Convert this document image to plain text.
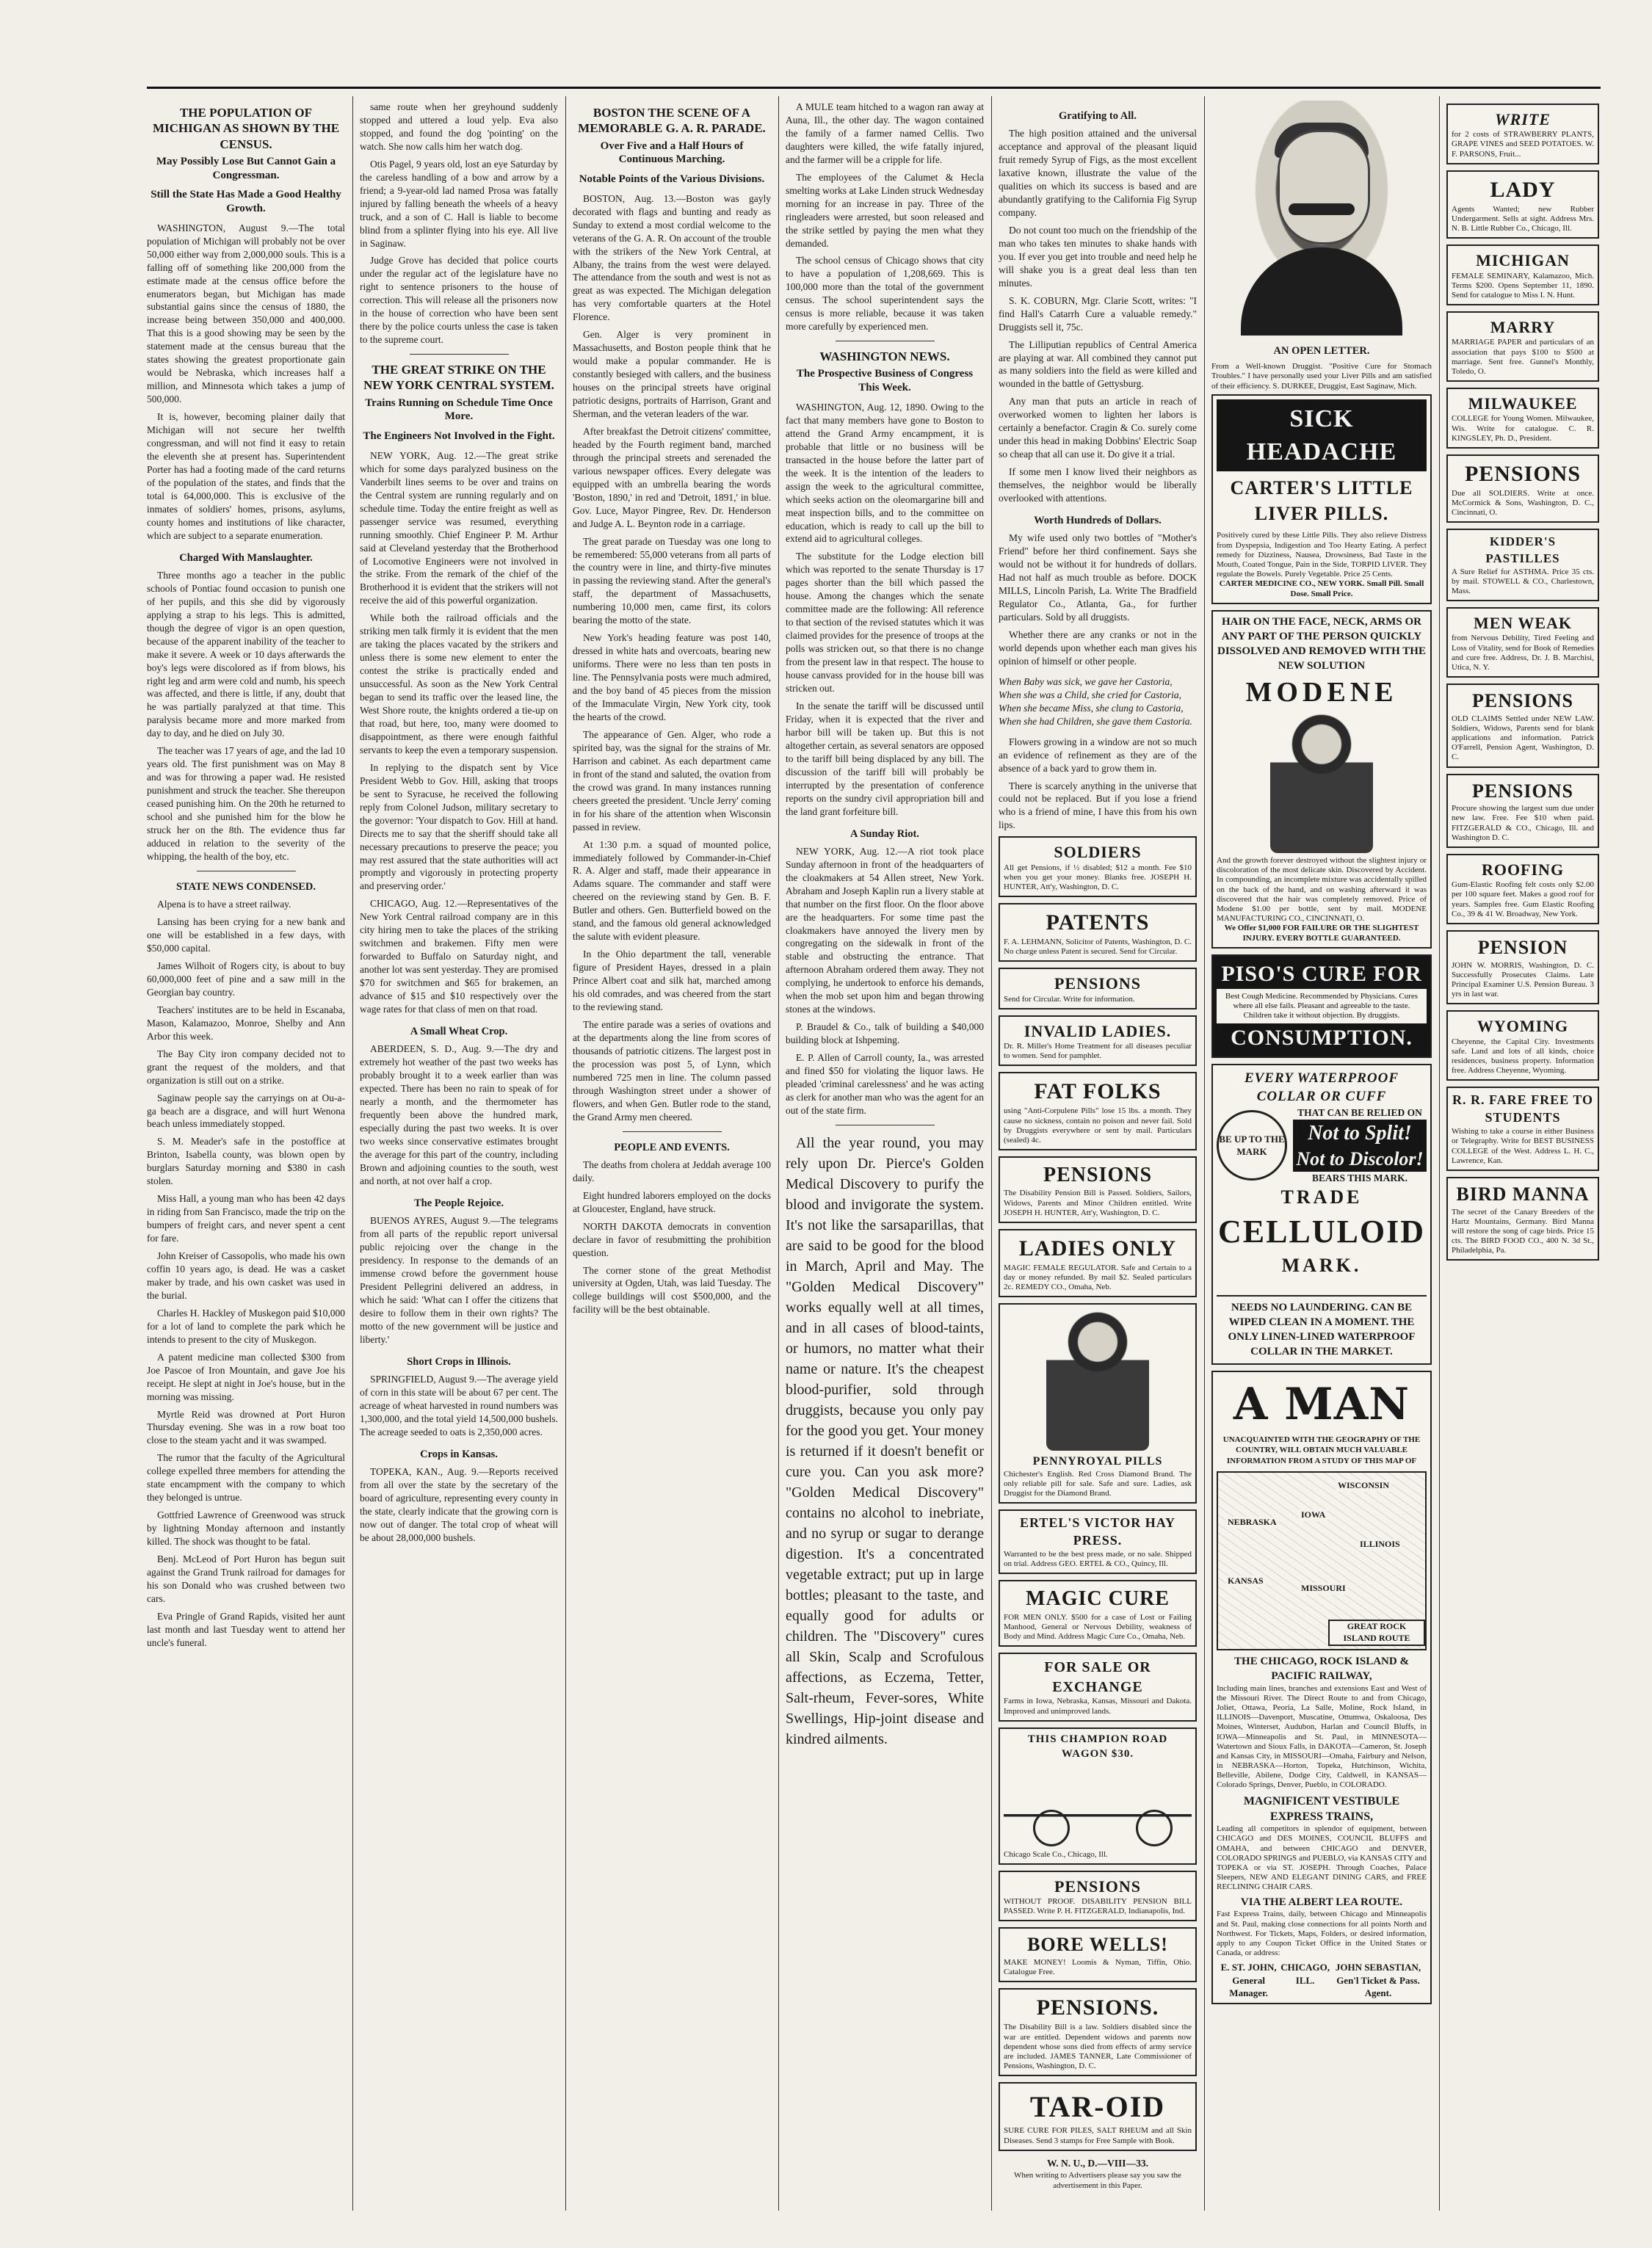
THE POPULATION OF MICHIGAN AS SHOWN BY THE CENSUS.
May Possibly Lose But Cannot Gain a Congressman.
Still the State Has Made a Good Healthy Growth.

WASHINGTON, August 9.—The total population of Michigan will probably not be over 50,000 either way from 2,000,000 souls. This is a falling off of something like 200,000 from the estimate made at the census office before the enumerators began, but Michigan has made substantial gains since the census of 1880, the increase being between 350,000 and 400,000. That this is a good showing may be seen by the statement made at the census bureau that the states showing the greatest proportionate gain would be Nebraska, which increases half a million, and Minnesota which takes a jump of 500,000.

It is, however, becoming plainer daily that Michigan will not secure her twelfth congressman, and will not find it easy to retain the eleventh she at present has. Superintendent Porter has had a footing made of the card returns of the population of the states, and finds that the total is 64,000,000. This is exclusive of the inmates of soldiers' homes, prisons, asylums, county homes and institutions of like character, which are subject to a separate enumeration.

Charged With Manslaughter.

Three months ago a teacher in the public schools of Pontiac found occasion to punish one of her pupils, and this she did by vigorously applying a strap to his legs. This is admitted, though the degree of vigor is an open question, because of the apparent inability of the teacher to make it severe. A week or 10 days afterwards the boy's legs were discolored as if from blows, his right leg and arm were cold and numb, his speech was affected, and there is little, if any, doubt that he was partially paralyzed at that time. This paralysis became more and more marked from day to day, and he died on July 30.

The teacher was 17 years of age, and the lad 10 years old. The first punishment was on May 8 and was for throwing a paper wad. He resisted punishment and struck the teacher. She thereupon ceased punishing him. On the 20th he returned to school and she punished him for the blow he struck her on the 8th. The evidence thus far adduced in relation to the severity of the whipping, the health of the boy, etc.

STATE NEWS CONDENSED.

Alpena is to have a street railway.

Lansing has been crying for a new bank and one will be established in a few days, with $50,000 capital.

James Wilhoit of Rogers city, is about to buy 60,000,000 feet of pine and a saw mill in the Georgian bay country.

Teachers' institutes are to be held in Escanaba, Mason, Kalamazoo, Monroe, Shelby and Ann Arbor this week.

The Bay City iron company decided not to grant the request of the molders, and that organization is still out on a strike.

Saginaw people say the carryings on at Ou-a-ga beach are a disgrace, and will hurt Wenona beach unless immediately stopped.

S. M. Meader's safe in the postoffice at Brinton, Isabella county, was blown open by burglars Saturday morning and $380 in cash stolen.

Miss Hall, a young man who has been 42 days in riding from San Francisco, made the trip on the bumpers of freight cars, and never spent a cent for fare.

John Kreiser of Cassopolis, who made his own coffin 10 years ago, is dead. He was a casket maker by trade, and his own casket was used in the burial.

Charles H. Hackley of Muskegon paid $10,000 for a lot of land to complete the park which he intends to present to the city of Muskegon.

A patent medicine man collected $300 from Joe Pascoe of Iron Mountain, and gave Joe his receipt. He slept at night in Joe's house, but in the morning was missing.

Myrtle Reid was drowned at Port Huron Thursday evening. She was in a row boat too close to the steam yacht and it was swamped.

The rumor that the faculty of the Agricultural college expelled three members for attending the state encampment with the company to which they belonged is untrue.

Gottfried Lawrence of Greenwood was struck by lightning Monday afternoon and instantly killed. The shock was thought to be fatal.

Benj. McLeod of Port Huron has begun suit against the Grand Trunk railroad for damages for his son Donald who was crushed between two cars.

Eva Pringle of Grand Rapids, visited her aunt last month and last Tuesday went to attend her uncle's funeral.

same route when her greyhound suddenly stopped and uttered a loud yelp. Eva also stopped, and found the dog 'pointing' on the watch. She now calls him her watch dog.

Otis Pagel, 9 years old, lost an eye Saturday by the careless handling of a bow and arrow by a friend; a 9-year-old lad named Prosa was fatally injured by falling beneath the wheels of a heavy truck, and a son of C. Hall is liable to become blind from a splinter flying into his eye. All live in Saginaw.

Judge Grove has decided that police courts under the regular act of the legislature have no right to sentence prisoners to the house of correction. This will release all the prisoners now in the house of correction who have been sent there by the police courts unless the case is taken to the supreme court.

THE GREAT STRIKE ON THE NEW YORK CENTRAL SYSTEM.
Trains Running on Schedule Time Once More.
The Engineers Not Involved in the Fight.

NEW YORK, Aug. 12.—The great strike which for some days paralyzed business on the Vanderbilt lines seems to be over and trains on the Central system are running regularly and on schedule time. Today the entire freight as well as passenger service was resumed, everything running smoothly. Chief Engineer P. M. Arthur said at Cleveland yesterday that the Brotherhood of Locomotive Engineers were not involved in the strike. From the remark of the chief of the Brotherhood it is evident that the strikers will not receive the aid of this powerful organization.

While both the railroad officials and the striking men talk firmly it is evident that the men are taking the places vacated by the strikers and unless there is some new element to enter the contest the strike is practically ended and unsuccessful. As soon as the New York Central began to send its traffic over the leased line, the West Shore route, the knights ordered a tie-up on that road, but here, too, many were doomed to disappointment, as there were enough faithful servants to keep the even a temporary suspension.

In replying to the dispatch sent by Vice President Webb to Gov. Hill, asking that troops be sent to Syracuse, he received the following reply from Colonel Judson, military secretary to the governor: 'Your dispatch to Gov. Hill at hand. Directs me to say that the sheriff should take all necessary precautions to preserve the peace; you may rest assured that the state authorities will act promptly and vigorously in protecting property and preserving order.'

CHICAGO, Aug. 12.—Representatives of the New York Central railroad company are in this city hiring men to take the places of the striking switchmen and brakemen. Fifty men were forwarded to Buffalo on Saturday night, and another lot was sent yesterday. They are promised $70 for switchmen and $65 for brakemen, an advance of $15 and $10 respectively over the wage rates for that class of men on that road.

A Small Wheat Crop.

ABERDEEN, S. D., Aug. 9.—The dry and extremely hot weather of the past two weeks has probably brought it to a week earlier than was expected. There has been no rain to speak of for nearly a month, and the thermometer has frequently been above the hundred mark, especially during the past two weeks. It is over two weeks since conservative estimates brought the average for this part of the country, including Brown and adjoining counties to the south, west and north, at not over half a crop.

The People Rejoice.

BUENOS AYRES, August 9.—The telegrams from all parts of the republic report universal public rejoicing over the change in the presidency. In response to the demands of an immense crowd before the government house President Pellegrini delivered an address, in which he said: 'What can I offer the citizens that desire to follow them in their own rights? The motto of the new government will be justice and liberty.'

Short Crops in Illinois.

SPRINGFIELD, August 9.—The average yield of corn in this state will be about 67 per cent. The acreage of wheat harvested in round numbers was 1,300,000, and the total yield 14,500,000 bushels. The acreage seeded to oats is 2,350,000 acres.

Crops in Kansas.

TOPEKA, KAN., Aug. 9.—Reports received from all over the state by the secretary of the board of agriculture, representing every county in the state, clearly indicate that the growing corn is now out of danger. The total crop of wheat will be about 28,000,000 bushels.

BOSTON THE SCENE OF A MEMORABLE G. A. R. PARADE.
Over Five and a Half Hours of Continuous Marching.
Notable Points of the Various Divisions.

BOSTON, Aug. 13.—Boston was gayly decorated with flags and bunting and ready as Sunday to extend a most cordial welcome to the veterans of the G. A. R. On account of the trouble with the strikers of the New York Central, at Albany, the trains from the west were delayed. The attendance from the south and west is not as great as was expected. The Michigan delegation has very comfortable quarters at the Hotel Florence.

Gen. Alger is very prominent in Massachusetts, and Boston people think that he would make a popular commander. He is constantly besieged with callers, and the business houses on the principal streets have original patriotic designs, portraits of Harrison, Grant and Sherman, and the veteran leaders of the war.

After breakfast the Detroit citizens' committee, headed by the Fourth regiment band, marched through the principal streets and serenaded the various newspaper offices. Every delegate was equipped with an umbrella bearing the words 'Boston, 1890,' in red and 'Detroit, 1891,' in blue. Gov. Luce, Mayor Pingree, Rev. Dr. Henderson and Judge A. L. Beynton rode in a carriage.

The great parade on Tuesday was one long to be remembered: 55,000 veterans from all parts of the country were in line, and thirty-five minutes in passing the reviewing stand. After the general's staff, the department of Massachusetts, numbering 10,000 men, came first, its colors bearing the motto of the state.

New York's heading feature was post 140, dressed in white hats and overcoats, bearing new uniforms. There were no less than ten posts in line. The Pennsylvania posts were much admired, and the boy band of 45 pieces from the mission of the Immaculate Virgin, New York city, took the hearts of the crowd.

The appearance of Gen. Alger, who rode a spirited bay, was the signal for the strains of Mr. Harrison and cabinet. As each department came in front of the stand and saluted, the ovation from the crowd was grand. In many instances running cheers greeted the president. 'Uncle Jerry' coming in for his share of the attention when Wisconsin passed in review.

At 1:30 p.m. a squad of mounted police, immediately followed by Commander-in-Chief R. A. Alger and staff, made their appearance in Adams square. The commander and staff were cheered on the reviewing stand by Gen. B. F. Butler and others. Gen. Butterfield bowed on the stand, and the famous old general acknowledged the salute with evident pleasure.

In the Ohio department the tall, venerable figure of President Hayes, dressed in a plain Prince Albert coat and silk hat, marched among his old comrades, and was cheered from the start to the reviewing stand.

The entire parade was a series of ovations and at the departments along the line from scores of thousands of patriotic citizens. The largest post in the procession was post 5, of Lynn, which numbered 725 men in line. The column passed through Washington street under a shower of flowers, and when Gen. Butler rode to the stand, the Grand Army men cheered.

PEOPLE AND EVENTS.

The deaths from cholera at Jeddah average 100 daily.

Eight hundred laborers employed on the docks at Gloucester, England, have struck.

NORTH DAKOTA democrats in convention declare in favor of resubmitting the prohibition question.

The corner stone of the great Methodist university at Ogden, Utah, was laid Tuesday. The college buildings will cost $500,000, and the facility will be the best obtainable.

A MULE team hitched to a wagon ran away at Auna, Ill., the other day. The wagon contained the family of a farmer named Cellis. Two daughters were killed, the wife fatally injured, and the farmer will be a cripple for life.

The employees of the Calumet & Hecla smelting works at Lake Linden struck Wednesday morning for an increase in pay. Three of the ringleaders were arrested, but soon released and the strike settled by paying the men what they demanded.

The school census of Chicago shows that city to have a population of 1,208,669. This is 100,000 more than the total of the government census. The school superintendent says the census is more reliable, because it was taken more carefully by experienced men.

WASHINGTON NEWS.
The Prospective Business of Congress This Week.

WASHINGTON, Aug. 12, 1890. Owing to the fact that many members have gone to Boston to attend the Grand Army encampment, it is probable that little or no business will be transacted in the house before the latter part of the week. It is the intention of the leaders to assign the week to the agricultural committee, which seeks action on the oleomargarine bill and meat inspection bills, and to the committee on education, which is ready to call up the bill to extend aid to agricultural colleges.

The substitute for the Lodge election bill which was reported to the senate Thursday is 17 pages shorter than the bill which passed the house. Among the changes which the senate committee made are the following: All reference to that section of the revised statutes which it was claimed provides for the presence of troops at the polls was stricken out, so that there is no change from the present law in that respect. The house to house canvass provided for in the house bill was stricken out.

In the senate the tariff will be discussed until Friday, when it is expected that the river and harbor bill will be taken up. But this is not altogether certain, as several senators are opposed to the tariff bill being displaced by any bill. The discussion of the tariff bill will probably be interrupted by the presentation of conference reports on the sundry civil appropriation bill and the land grant forfeiture bill.

A Sunday Riot.

NEW YORK, Aug. 12.—A riot took place Sunday afternoon in front of the headquarters of the cloakmakers at 54 Allen street, New York. Abraham and Joseph Kaplin run a livery stable at that number on the first floor. On the floor above are the headquarters. For some time past the cloakmakers have annoyed the livery men by congregating on the sidewalk in front of the stable and obstructing the entrance. That afternoon Abraham ordered them away. They not complying, he undertook to enforce his demands, when the mob set upon him and began throwing stones at the windows.

P. Braudel & Co., talk of building a $40,000 building block at Ishpeming.

E. P. Allen of Carroll county, Ia., was arrested and fined $50 for violating the liquor laws. He pleaded 'criminal carelessness' and he was acting as clerk for another man who was the agent for an out of the state firm.

All the year round, you may rely upon Dr. Pierce's Golden Medical Discovery to purify the blood and invigorate the system. It's not like the sarsaparillas, that are said to be good for the blood in March, April and May. The "Golden Medical Discovery" works equally well at all times, and in all cases of blood-taints, or humors, no matter what their name or nature. It's the cheapest blood-purifier, sold through druggists, because you only pay for the good you get. Your money is returned if it doesn't benefit or cure you. Can you ask more? "Golden Medical Discovery" contains no alcohol to inebriate, and no syrup or sugar to derange digestion. It's a concentrated vegetable extract; put up in large bottles; pleasant to the taste, and equally good for adults or children. The "Discovery" cures all Skin, Scalp and Scrofulous affections, as Eczema, Tetter, Salt-rheum, Fever-sores, White Swellings, Hip-joint disease and kindred ailments.

Gratifying to All.

The high position attained and the universal acceptance and approval of the pleasant liquid fruit remedy Syrup of Figs, as the most excellent laxative known, illustrate the value of the qualities on which its success is based and are abundantly gratifying to the California Fig Syrup company.

Do not count too much on the friendship of the man who takes ten minutes to shake hands with you. If ever you get into trouble and need help he will shake you is a great deal less than ten minutes.

S. K. COBURN, Mgr. Clarie Scott, writes: "I find Hall's Catarrh Cure a valuable remedy." Druggists sell it, 75c.

The Lilliputian republics of Central America are playing at war. All combined they cannot put as many soldiers into the field as were killed and wounded in the battle of Gettysburg.

Any man that puts an article in reach of overworked women to lighten her labors is certainly a benefactor. Cragin & Co. surely come under this head in making Dobbins' Electric Soap so cheap that all can use it. Do give it a trial.

If some men I know lived their neighbors as themselves, the neighbor would be liberally overlooked with attentions.

Worth Hundreds of Dollars.

My wife used only two bottles of "Mother's Friend" before her third confinement. Says she would not be without it for hundreds of dollars. Had not half as much trouble as before. DOCK MILLS, Lincoln Parish, La. Write The Bradfield Regulator Co., Atlanta, Ga., for further particulars. Sold by all druggists.

Whether there are any cranks or not in the world depends upon whether each man gives his opinion of himself or other people.

When Baby was sick, we gave her Castoria,
When she was a Child, she cried for Castoria,
When she became Miss, she clung to Castoria,
When she had Children, she gave them Castoria.

Flowers growing in a window are not so much an evidence of refinement as they are of the absence of a back yard to grow them in.

There is scarcely anything in the universe that could not be replaced. But if you lose a friend who is a friend of mine, I have this from his own lips.

SOLDIERS
All get Pensions, if ½ disabled; $12 a month. Fee $10 when you get your money. Blanks free. JOSEPH H. HUNTER, Att'y, Washington, D. C.
PATENTS
F. A. LEHMANN, Solicitor of Patents, Washington, D. C. No charge unless Patent is secured. Send for Circular.
PENSIONS
Send for Circular. Write for information.
INVALID LADIES.
Dr. R. Miller's Home Treatment for all diseases peculiar to women. Send for pamphlet.
FAT FOLKS
using "Anti-Corpulene Pills" lose 15 lbs. a month. They cause no sickness, contain no poison and never fail. Sold by Druggists everywhere or sent by mail. Particulars (sealed) 4c.
PENSIONS
The Disability Pension Bill is Passed. Soldiers, Sailors, Widows, Parents and Minor Children entitled. Write JOSEPH H. HUNTER, Att'y, Washington, D. C.
LADIES ONLY
MAGIC FEMALE REGULATOR. Safe and Certain to a day or money refunded. By mail $2. Sealed particulars 2c. REMEDY CO., Omaha, Neb.
PENNYROYAL PILLS
Chichester's English. Red Cross Diamond Brand. The only reliable pill for sale. Safe and sure. Ladies, ask Druggist for the Diamond Brand.
ERTEL'S VICTOR HAY PRESS.
Warranted to be the best press made, or no sale. Shipped on trial. Address GEO. ERTEL & CO., Quincy, Ill.
MAGIC CURE
FOR MEN ONLY. $500 for a case of Lost or Failing Manhood, General or Nervous Debility, weakness of Body and Mind. Address Magic Cure Co., Omaha, Neb.
FOR SALE OR EXCHANGE
Farms in Iowa, Nebraska, Kansas, Missouri and Dakota. Improved and unimproved lands.
THIS CHAMPION ROAD WAGON $30.
Chicago Scale Co., Chicago, Ill.
PENSIONS
WITHOUT PROOF. DISABILITY PENSION BILL PASSED. Write P. H. FITZGERALD, Indianapolis, Ind.
BORE WELLS!
MAKE MONEY! Loomis & Nyman, Tiffin, Ohio. Catalogue Free.
PENSIONS.
The Disability Bill is a law. Soldiers disabled since the war are entitled. Dependent widows and parents now dependent whose sons died from effects of army service are included. JAMES TANNER, Late Commissioner of Pensions, Washington, D. C.
TAR-OID
SURE CURE FOR PILES, SALT RHEUM and all Skin Diseases. Send 3 stamps for Free Sample with Book.
W. N. U., D.—VIII—33.
When writing to Advertisers please say you saw the advertisement in this Paper.
AN OPEN LETTER.
From a Well-known Druggist. "Positive Cure for Stomach Troubles." I have personally used your Liver Pills and am satisfied of their efficiency. S. DURKEE, Druggist, East Saginaw, Mich.
SICK HEADACHE
CARTER'S LITTLE LIVER PILLS.
Positively cured by these Little Pills. They also relieve Distress from Dyspepsia, Indigestion and Too Hearty Eating. A perfect remedy for Dizziness, Nausea, Drowsiness, Bad Taste in the Mouth, Coated Tongue, Pain in the Side, TORPID LIVER. They regulate the Bowels. Purely Vegetable. Price 25 Cents.
CARTER MEDICINE CO., NEW YORK. Small Pill. Small Dose. Small Price.
HAIR ON THE FACE, NECK, ARMS OR ANY PART OF THE PERSON QUICKLY DISSOLVED AND REMOVED WITH THE NEW SOLUTION
MODENE
And the growth forever destroyed without the slightest injury or discoloration of the most delicate skin. Discovered by Accident. In compounding, an incomplete mixture was accidentally spilled on the back of the hand, and on washing afterward it was discovered that the hair was completely removed. Price of Modene $1.00 per bottle, sent by mail. MODENE MANUFACTURING CO., CINCINNATI, O.
We Offer $1,000 FOR FAILURE OR THE SLIGHTEST INJURY. EVERY BOTTLE GUARANTEED.
PISO'S CURE FOR
Best Cough Medicine. Recommended by Physicians. Cures where all else fails. Pleasant and agreeable to the taste. Children take it without objection. By druggists.
CONSUMPTION.
EVERY WATERPROOF COLLAR OR CUFF
BE UP TO THE MARK
THAT CAN BE RELIED ON
Not to Split!
Not to Discolor!
BEARS THIS MARK.
TRADE
CELLULOID
MARK.
NEEDS NO LAUNDERING. CAN BE WIPED CLEAN IN A MOMENT. THE ONLY LINEN-LINED WATERPROOF COLLAR IN THE MARKET.
A MAN
UNACQUAINTED WITH THE GEOGRAPHY OF THE COUNTRY, WILL OBTAIN MUCH VALUABLE INFORMATION FROM A STUDY OF THIS MAP OF
WISCONSIN
NEBRASKA
IOWA
ILLINOIS
KANSAS
MISSOURI
GREAT ROCK ISLAND ROUTE
THE CHICAGO, ROCK ISLAND & PACIFIC RAILWAY,
Including main lines, branches and extensions East and West of the Missouri River. The Direct Route to and from Chicago, Joliet, Ottawa, Peoria, La Salle, Moline, Rock Island, in ILLINOIS—Davenport, Muscatine, Ottumwa, Oskaloosa, Des Moines, Winterset, Audubon, Harlan and Council Bluffs, in IOWA—Minneapolis and St. Paul, in MINNESOTA—Watertown and Sioux Falls, in DAKOTA—Cameron, St. Joseph and Kansas City, in MISSOURI—Omaha, Fairbury and Nelson, in NEBRASKA—Horton, Topeka, Hutchinson, Wichita, Belleville, Abilene, Dodge City, Caldwell, in KANSAS—Colorado Springs, Denver, Pueblo, in COLORADO.
MAGNIFICENT VESTIBULE EXPRESS TRAINS,
Leading all competitors in splendor of equipment, between CHICAGO and DES MOINES, COUNCIL BLUFFS and OMAHA, and between CHICAGO and DENVER, COLORADO SPRINGS and PUEBLO, via KANSAS CITY and TOPEKA or via ST. JOSEPH. Through Coaches, Palace Sleepers, NEW AND ELEGANT DINING CARS, and FREE RECLINING CHAIR CARS.
VIA THE ALBERT LEA ROUTE.
Fast Express Trains, daily, between Chicago and Minneapolis and St. Paul, making close connections for all points North and Northwest. For Tickets, Maps, Folders, or desired information, apply to any Coupon Ticket Office in the United States or Canada, or address:
E. ST. JOHN, General Manager.
CHICAGO, ILL.
JOHN SEBASTIAN, Gen'l Ticket & Pass. Agent.
WRITE
for 2 costs of STRAWBERRY PLANTS, GRAPE VINES and SEED POTATOES. W. F. PARSONS, Fruit...
LADY
Agents Wanted; new Rubber Undergarment. Sells at sight. Address Mrs. N. B. Little Rubber Co., Chicago, Ill.
MICHIGAN
FEMALE SEMINARY, Kalamazoo, Mich. Terms $200. Opens September 11, 1890. Send for catalogue to Miss I. N. Hunt.
MARRY
MARRIAGE PAPER and particulars of an association that pays $100 to $500 at marriage. Sent free. Gunnel's Monthly, Toledo, O.
MILWAUKEE
COLLEGE for Young Women. Milwaukee, Wis. Write for catalogue. C. R. KINGSLEY, Ph. D., President.
PENSIONS
Due all SOLDIERS. Write at once. McCormick & Sons, Washington, D. C., Cincinnati, O.
KIDDER'S PASTILLES
A Sure Relief for ASTHMA. Price 35 cts. by mail. STOWELL & CO., Charlestown, Mass.
MEN WEAK
from Nervous Debility, Tired Feeling and Loss of Vitality, send for Book of Remedies and cure free. Address, Dr. J. B. Marchisi, Utica, N. Y.
PENSIONS
OLD CLAIMS Settled under NEW LAW. Soldiers, Widows, Parents send for blank applications and information. Patrick O'Farrell, Pension Agent, Washington, D. C.
PENSIONS
Procure showing the largest sum due under new law. Free. Fee $10 when paid. FITZGERALD & CO., Chicago, Ill. and Washington D. C.
ROOFING
Gum-Elastic Roofing felt costs only $2.00 per 100 square feet. Makes a good roof for years. Samples free. Gum Elastic Roofing Co., 39 & 41 W. Broadway, New York.
PENSION
JOHN W. MORRIS, Washington, D. C. Successfully Prosecutes Claims. Late Principal Examiner U.S. Pension Bureau. 3 yrs in last war.
WYOMING
Cheyenne, the Capital City. Investments safe. Land and lots of all kinds, choice residences, business property. Information free. Address Cheyenne, Wyoming.
R. R. FARE FREE TO STUDENTS
Wishing to take a course in either Business or Telegraphy. Write for BEST BUSINESS COLLEGE of the West. Address L. H. C., Lawrence, Kan.
BIRD MANNA
The secret of the Canary Breeders of the Hartz Mountains, Germany. Bird Manna will restore the song of cage birds. Price 15 cts. The BIRD FOOD CO., 400 N. 3d St., Philadelphia, Pa.
